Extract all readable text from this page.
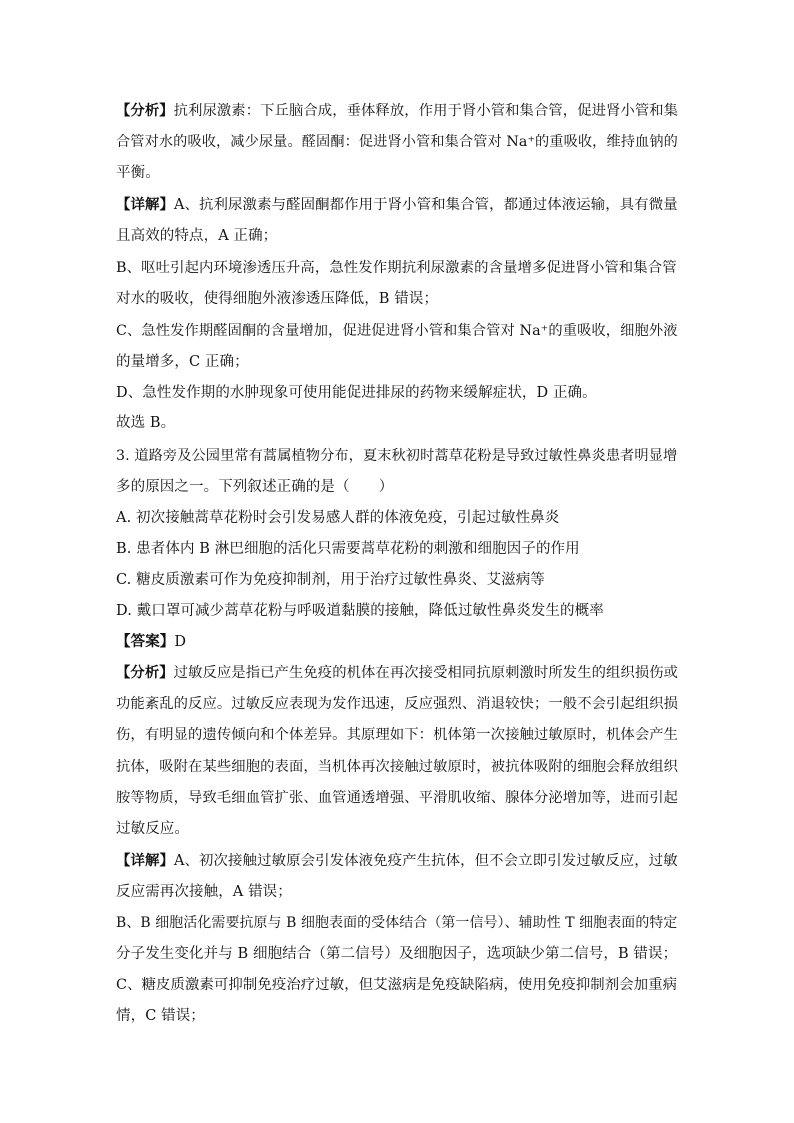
【分析】抗利尿激素：下丘脑合成，垂体释放，作用于肾小管和集合管，促进肾小管和集
合管对水的吸收，减少尿量。醛固酮：促进肾小管和集合管对 Na⁺的重吸收，维持血钠的
平衡。
【详解】A、抗利尿激素与醛固酮都作用于肾小管和集合管，都通过体液运输，具有微量
且高效的特点，A 正确；
B、呕吐引起内环境渗透压升高，急性发作期抗利尿激素的含量增多促进肾小管和集合管
对水的吸收，使得细胞外液渗透压降低，B 错误；
C、急性发作期醛固酮的含量增加，促进促进肾小管和集合管对 Na⁺的重吸收，细胞外液
的量增多，C 正确；
D、急性发作期的水肿现象可使用能促进排尿的药物来缓解症状，D 正确。
故选 B。
3. 道路旁及公园里常有蒿属植物分布，夏末秋初时蒿草花粉是导致过敏性鼻炎患者明显增
多的原因之一。下列叙述正确的是（　　）
A. 初次接触蒿草花粉时会引发易感人群的体液免疫，引起过敏性鼻炎
B. 患者体内 B 淋巴细胞的活化只需要蒿草花粉的刺激和细胞因子的作用
C. 糖皮质激素可作为免疫抑制剂，用于治疗过敏性鼻炎、艾滋病等
D. 戴口罩可减少蒿草花粉与呼吸道黏膜的接触，降低过敏性鼻炎发生的概率
【答案】D
【分析】过敏反应是指已产生免疫的机体在再次接受相同抗原刺激时所发生的组织损伤或
功能紊乱的反应。过敏反应表现为发作迅速，反应强烈、消退较快；一般不会引起组织损
伤，有明显的遗传倾向和个体差异。其原理如下：机体第一次接触过敏原时，机体会产生
抗体，吸附在某些细胞的表面，当机体再次接触过敏原时，被抗体吸附的细胞会释放组织
胺等物质，导致毛细血管扩张、血管通透增强、平滑肌收缩、腺体分泌增加等，进而引起
过敏反应。
【详解】A、初次接触过敏原会引发体液免疫产生抗体，但不会立即引发过敏反应，过敏
反应需再次接触，A 错误；
B、B 细胞活化需要抗原与 B 细胞表面的受体结合（第一信号）、辅助性 T 细胞表面的特定
分子发生变化并与 B 细胞结合（第二信号）及细胞因子，选项缺少第二信号，B 错误；
C、糖皮质激素可抑制免疫治疗过敏，但艾滋病是免疫缺陷病，使用免疫抑制剂会加重病
情，C 错误；
